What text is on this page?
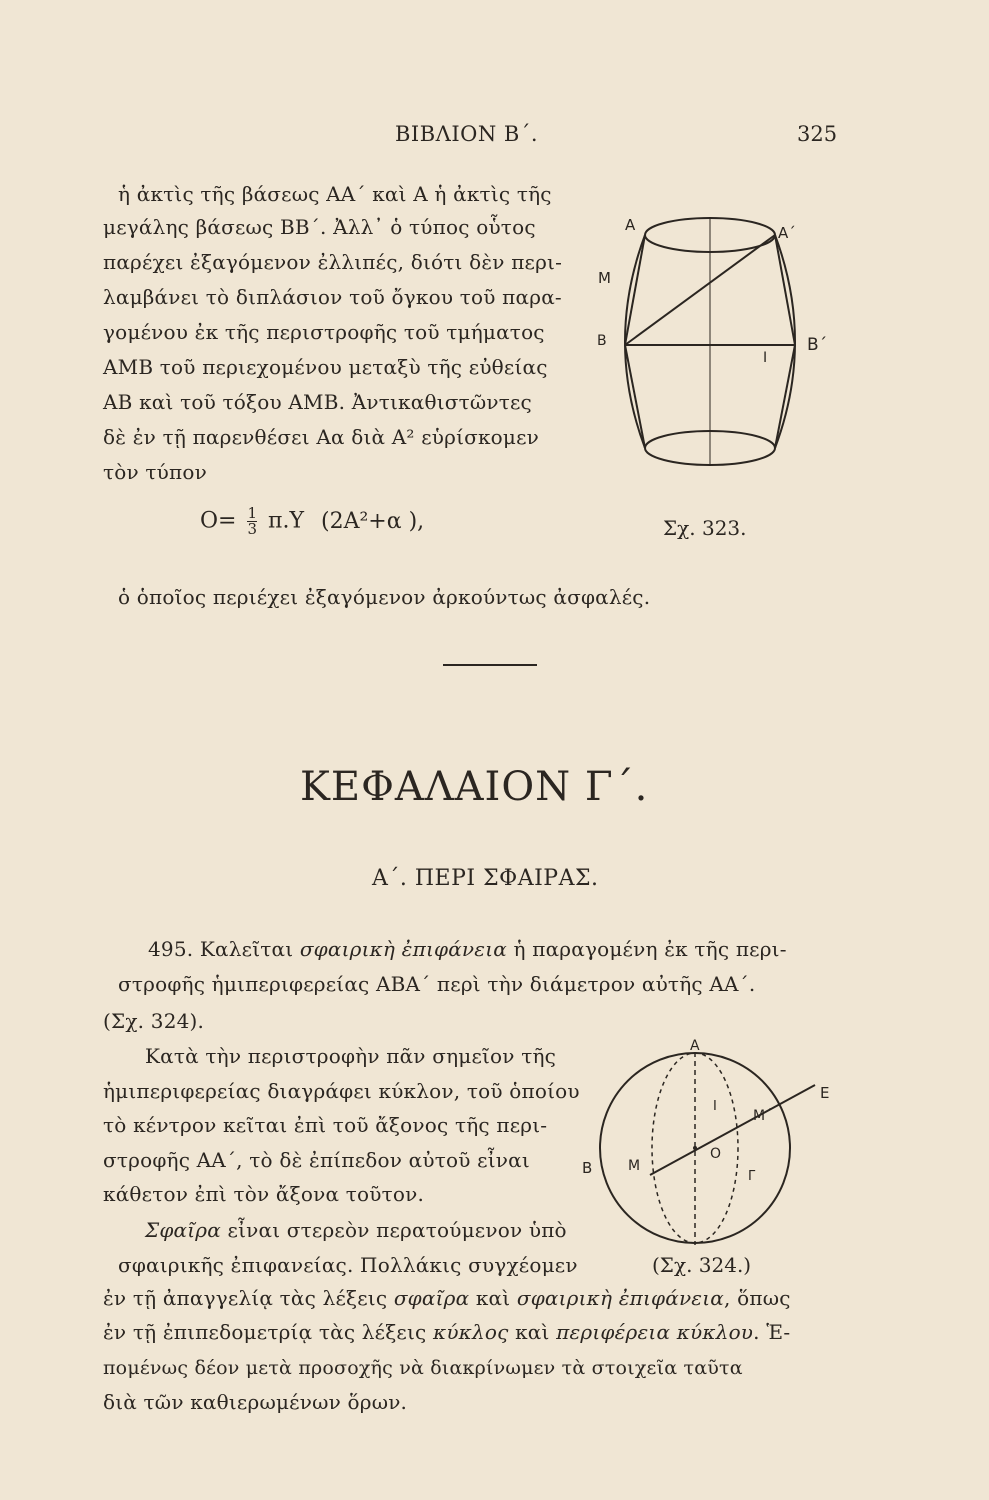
ΒΙΒΛΙΟΝ Β΄.	325
ἡ ἀκτὶς τῆς βάσεως ΑΑ΄ καὶ Α ἡ ἀκτὶς τῆς
μεγάλης βάσεως ΒΒ΄. Ἀλλ᾽ ὁ τύπος οὗτος
παρέχει ἐξαγόμενον ἐλλιπές, διότι δὲν περι-
λαμβάνει τὸ διπλάσιον τοῦ ὄγκου τοῦ παρα-
γομένου ἐκ τῆς περιστροφῆς τοῦ τμήματος
ΑΜΒ τοῦ περιεχομένου μεταξὺ τῆς εὐθείας
ΑΒ καὶ τοῦ τόξου ΑΜΒ. Ἀντικαθιστῶντες
δὲ ἐν τῇ παρενθέσει Αα διὰ Α² εὑρίσκομεν
τὸν τύπον
$O= \frac{1}{3} \pi.\Upsilon$ (2Α²+α ),
Α	Α΄
Μ
Β	Β΄
Ι
Σχ. 323.
ὁ ὁποῖος περιέχει ἐξαγόμενον ἀρκούντως ἀσφαλές.
ΚΕΦΑΛΑΙΟΝ Γ΄.
Α΄. ΠΕΡΙ ΣΦΑΙΡΑΣ.
495. Καλεῖται σφαιρικὴ ἐπιφάνεια ἡ παραγομένη ἐκ τῆς περι-
στροφῆς ἡμιπεριφερείας ΑΒΑ΄ περὶ τὴν διάμετρον αὐτῆς ΑΑ΄.
(Σχ. 324).
Κατὰ τὴν περιστροφὴν πᾶν σημεῖον τῆς
ἡμιπεριφερείας διαγράφει κύκλον, τοῦ ὁποίου
τὸ κέντρον κεῖται ἐπὶ τοῦ ἄξονος τῆς περι-
στροφῆς ΑΑ΄, τὸ δὲ ἐπίπεδον αὐτοῦ εἶναι
κάθετον ἐπὶ τὸν ἄξονα τοῦτον.
Α
Ε
Μ΄
Ο
Β	Μ
Γ
Ι
Σφαῖρα εἶναι στερεὸν περατούμενον ὑπὸ
σφαιρικῆς ἐπιφανείας. Πολλάκις συγχέομεν	(Σχ. 324.)
ἐν τῇ ἀπαγγελίᾳ τὰς λέξεις σφαῖρα καὶ σφαιρικὴ ἐπιφάνεια, ὅπως
ἐν τῇ ἐπιπεδομετρίᾳ τὰς λέξεις κύκλος καὶ περιφέρεια κύκλου. Ἑ-
πομένως δέον μετὰ προσοχῆς νὰ διακρίνωμεν τὰ στοιχεῖα ταῦτα
διὰ τῶν καθιερωμένων ὅρων.
